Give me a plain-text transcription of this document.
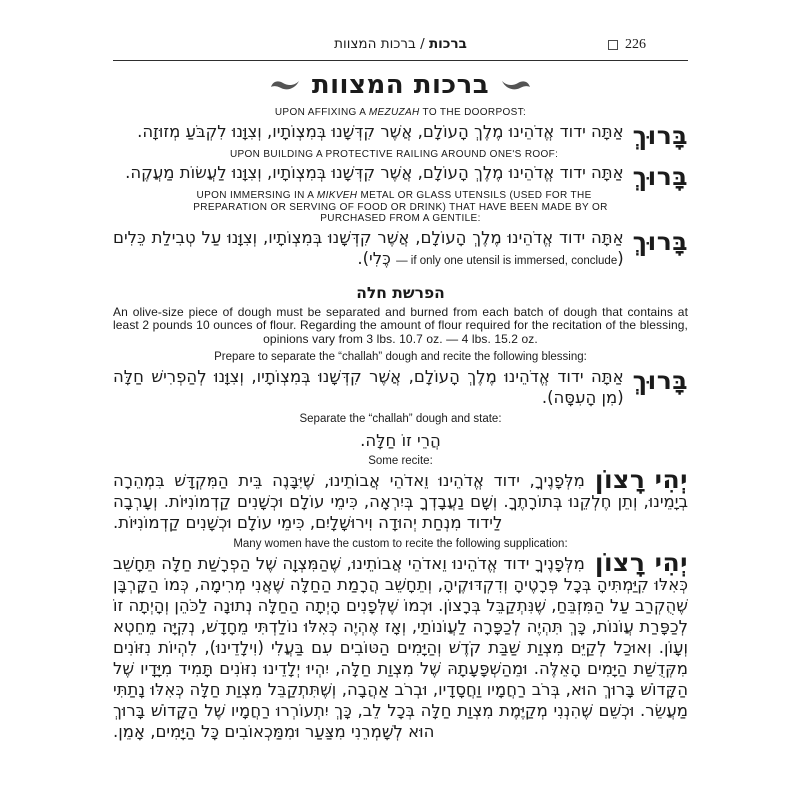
ברכות / ברכות המצוות	226
ברכות המצוות

UPON AFFIXING A MEZUZAH TO THE DOORPOST:

בָּרוּךְ
אַתָּה ידוד אֱדֹהֵינוּ מֶלֶךְ הָעוֹלָם, אֲשֶׁר קִדְּשָׁנוּ בְּמִצְוֹתָיו, וְצִוָּנוּ לִקְבֹּעַ מְזוּזָה.

UPON BUILDING A PROTECTIVE RAILING AROUND ONE'S ROOF:

בָּרוּךְ
אַתָּה ידוד אֱדֹהֵינוּ מֶלֶךְ הָעוֹלָם, אֲשֶׁר קִדְּשָׁנוּ בְּמִצְוֹתָיו, וְצִוָּנוּ לַעֲשׂוֹת מַעֲקֶה.

UPON IMMERSING IN A MIKVEH METAL OR GLASS UTENSILS (USED FOR THE PREPARATION OR SERVING OF FOOD OR DRINK) THAT HAVE BEEN MADE BY OR PURCHASED FROM A GENTILE:

בָּרוּךְ
אַתָּה ידוד אֱדֹהֵינוּ מֶלֶךְ הָעוֹלָם, אֲשֶׁר קִדְּשָׁנוּ בְּמִצְוֹתָיו, וְצִוָּנוּ עַל טְבִילַת כֵּלִים (if only one utensil is immersed, conclude — כֶּלִי).
הפרשת חלה

An olive-size piece of dough must be separated and burned from each batch of dough that contains at least 2 pounds 10 ounces of flour. Regarding the amount of flour required for the recitation of the blessing, opinions vary from 3 lbs. 10.7 oz. — 4 lbs. 15.2 oz.

Prepare to separate the “challah” dough and recite the following blessing:

בָּרוּךְ
אַתָּה ידוד אֱדֹהֵינוּ מֶלֶךְ הָעוֹלָם, אֲשֶׁר קִדְּשָׁנוּ בְּמִצְוֹתָיו, וְצִוָּנוּ לְהַפְרִישׁ חַלָּה (מִן הָעִסָּה).

Separate the “challah” dough and state:

הֲרֵי זוֹ חַלָּה.

Some recite:

יְהִי רָצוֹן
מִלְּפָנֶיךָ, ידוד אֱדֹהֵינוּ וֵאדֹהֵי אֲבוֹתֵינוּ, שֶׁיִּבָּנֶה בֵּית הַמִּקְדָּשׁ בִּמְהֵרָה בְיָמֵינוּ, וְתֵן חֶלְקֵנוּ בְּתוֹרָתֶךָ. וְשָׁם נַעֲבָדְךָ בְּיִרְאָה, כִּימֵי עוֹלָם וּכְשָׁנִים קַדְמוֹנִיּוֹת. וְעָרְבָה לַידוד מִנְחַת יְהוּדָה וִירוּשָׁלָיִם, כִּימֵי עוֹלָם וּכְשָׁנִים קַדְמוֹנִיּוֹת.

Many women have the custom to recite the following supplication:

יְהִי רָצוֹן
מִלְּפָנֶיךָ ידוד אֱדֹהֵינוּ וֵאדֹהֵי אֲבוֹתֵינוּ, שֶׁהַמִּצְוָה שֶׁל הַפְרָשַׁת חַלָּה תֵּחָשֵׁב כְּאִלּוּ קִיַּמְתִּיהָ בְּכָל פְּרָטֶיהָ וְדִקְדּוּקֶיהָ, וְתֵחָשֵׁב הֲרָמַת הַחַלָּה שֶׁאֲנִי מְרִימָה, כְּמוֹ הַקָּרְבָּן שֶׁהֻקְרַב עַל הַמִּזְבֵּחַ, שֶׁנִּתְקַבֵּל בְּרָצוֹן. וּכְמוֹ שֶׁלְּפָנִים הָיְתָה הַחַלָּה נְתוּנָה לַכֹּהֵן וְהָיְתָה זוֹ לְכַפָּרַת עֲוֹנוֹת, כָּךְ תִּהְיֶה לְכַפָּרָה לַעֲוֹנוֹתַי, וְאָז אֶהְיֶה כְּאִלּוּ נוֹלַדְתִּי מֵחָדָשׁ, נְקִיָּה מֵחֵטְא וְעָוֹן. וְאוּכַל לְקַיֵּם מִצְוַת שַׁבַּת קֹדֶשׁ וְהַיָּמִים הַטּוֹבִים עִם בַּעֲלִי (וִילָדֵינוּ), לִהְיוֹת נִזּוֹנִים מִקְּדֻשַּׁת הַיָּמִים הָאֵלֶּה. וּמֵהַשְׁפָּעָתָהּ שֶׁל מִצְוַת חַלָּה, יִהְיוּ יְלָדֵינוּ נִזּוֹנִים תָּמִיד מִיָּדָיו שֶׁל הַקָּדוֹשׁ בָּרוּךְ הוּא, בְּרֹב רַחֲמָיו וַחֲסָדָיו, וּבְרֹב אַהֲבָה, וְשֶׁתִּתְקַבֵּל מִצְוַת חַלָּה כְּאִלּוּ נָתַתִּי מַעֲשֵׂר. וּכְשֵׁם שֶׁהִנְנִי מְקַיֶּמֶת מִצְוַת חַלָּה בְּכָל לֵב, כָּךְ יִתְעוֹרְרוּ רַחֲמָיו שֶׁל הַקָּדוֹשׁ בָּרוּךְ הוּא לְשָׁמְרֵנִי מִצַּעַר וּמִמַּכְאוֹבִים כָּל הַיָּמִים, אָמֵן.
